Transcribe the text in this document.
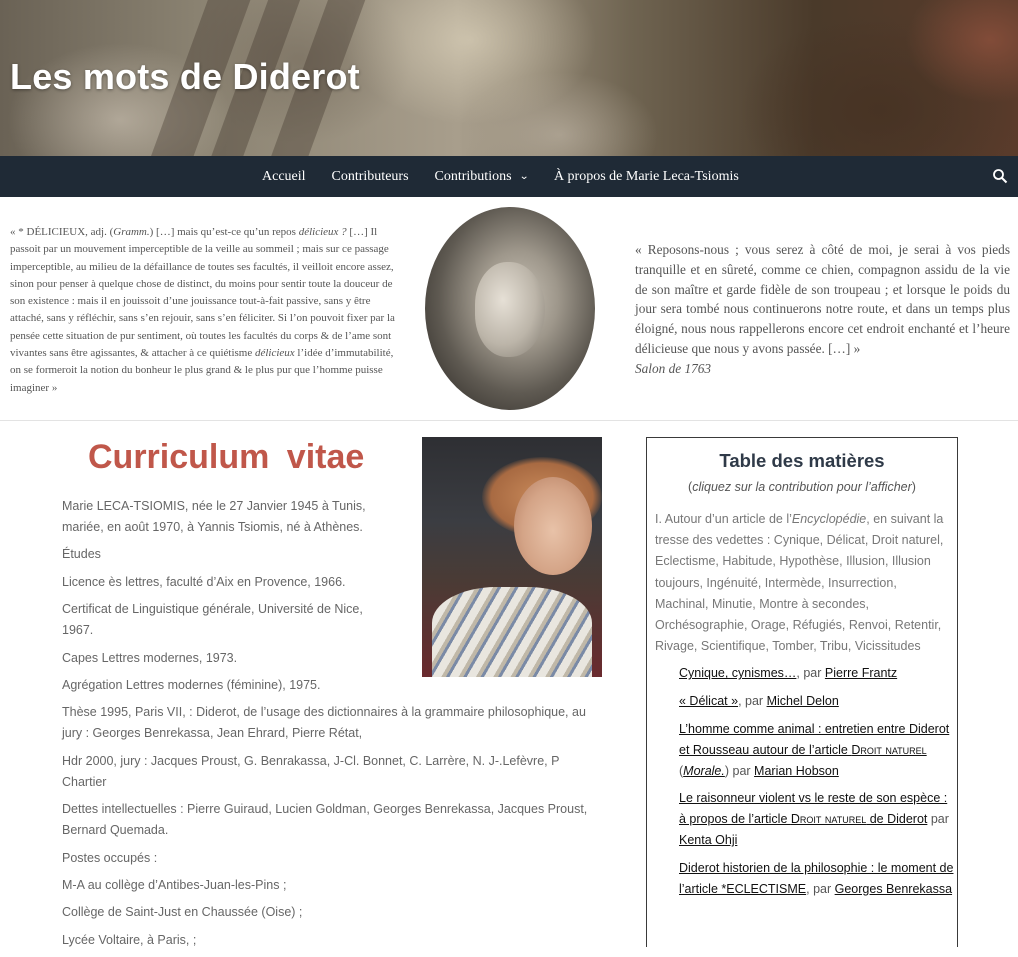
Les mots de Diderot
Accueil Contributeurs Contributions ⌄ À propos de Marie Leca-Tsiomis
« * DÉLICIEUX, adj. (Gramm.) […] mais qu’est-ce qu’un repos délicieux ? […] Il passoit par un mouvement imperceptible de la veille au sommeil ; mais sur ce passage imperceptible, au milieu de la défaillance de toutes ses facultés, il veilloit encore assez, sinon pour penser à quelque chose de distinct, du moins pour sentir toute la douceur de son existence : mais il en jouissoit d’une jouissance tout-à-fait passive, sans y être attaché, sans y réfléchir, sans s’en rejouir, sans s’en féliciter. Si l’on pouvoit fixer par la pensée cette situation de pur sentiment, où toutes les facultés du corps & de l’ame sont vivantes sans être agissantes, & attacher à ce quiétisme délicieux l’idée d’immutabilité, on se formeroit la notion du bonheur le plus grand & le plus pur que l’homme puisse imaginer »
« Reposons-nous ; vous serez à côté de moi, je serai à vos pieds tranquille et en sûreté, comme ce chien, compagnon assidu de la vie de son maître et garde fidèle de son troupeau ; et lorsque le poids du jour sera tombé nous continuerons notre route, et dans un temps plus éloigné, nous nous rappellerons encore cet endroit enchanté et l’heure délicieuse que nous y avons passée. […] »
Salon de 1763
Curriculum vitae

Marie LECA-TSIOMIS, née le 27 Janvier 1945 à Tunis, mariée, en août 1970, à Yannis Tsiomis, né à Athènes.

Études

Licence ès lettres, faculté d’Aix en Provence, 1966.

Certificat de Linguistique générale, Université de Nice, 1967.

Capes Lettres modernes, 1973.

Agrégation Lettres modernes (féminine), 1975.

Thèse 1995, Paris VII, : Diderot, de l’usage des dictionnaires à la grammaire philosophique, au jury : Georges Benrekassa, Jean Ehrard, Pierre Rétat,

Hdr 2000, jury : Jacques Proust, G. Benrakassa, J-Cl. Bonnet, C. Larrère, N. J-.Lefèvre, P Chartier

Dettes intellectuelles : Pierre Guiraud, Lucien Goldman, Georges Benrekassa, Jacques Proust, Bernard Quemada.

Postes occupés :

M-A au collège d’Antibes-Juan-les-Pins ;

Collège de Saint-Just en Chaussée (Oise) ;

Lycée Voltaire, à Paris, ;

Table des matières

(cliquez sur la contribution pour l’afficher)

I. Autour d’un article de l’Encyclopédie, en suivant la tresse des vedettes : Cynique, Délicat, Droit naturel, Eclectisme, Habitude, Hypothèse, Illusion, Illusion toujours, Ingénuité, Intermède, Insurrection, Machinal, Minutie, Montre à secondes, Orchésographie, Orage, Réfugiés, Renvoi, Retentir, Rivage, Scientifique, Tomber, Tribu, Vicissitudes

Cynique, cynismes…, par Pierre Frantz

« Délicat », par Michel Delon

L’homme comme animal : entretien entre Diderot et Rousseau autour de l’article Droit naturel
(Morale.) par Marian Hobson

Le raisonneur violent vs le reste de son espèce : à propos de l’article Droit naturel de Diderot par Kenta Ohji

Diderot historien de la philosophie : le moment de l’article *ECLECTISME, par Georges Benrekassa
